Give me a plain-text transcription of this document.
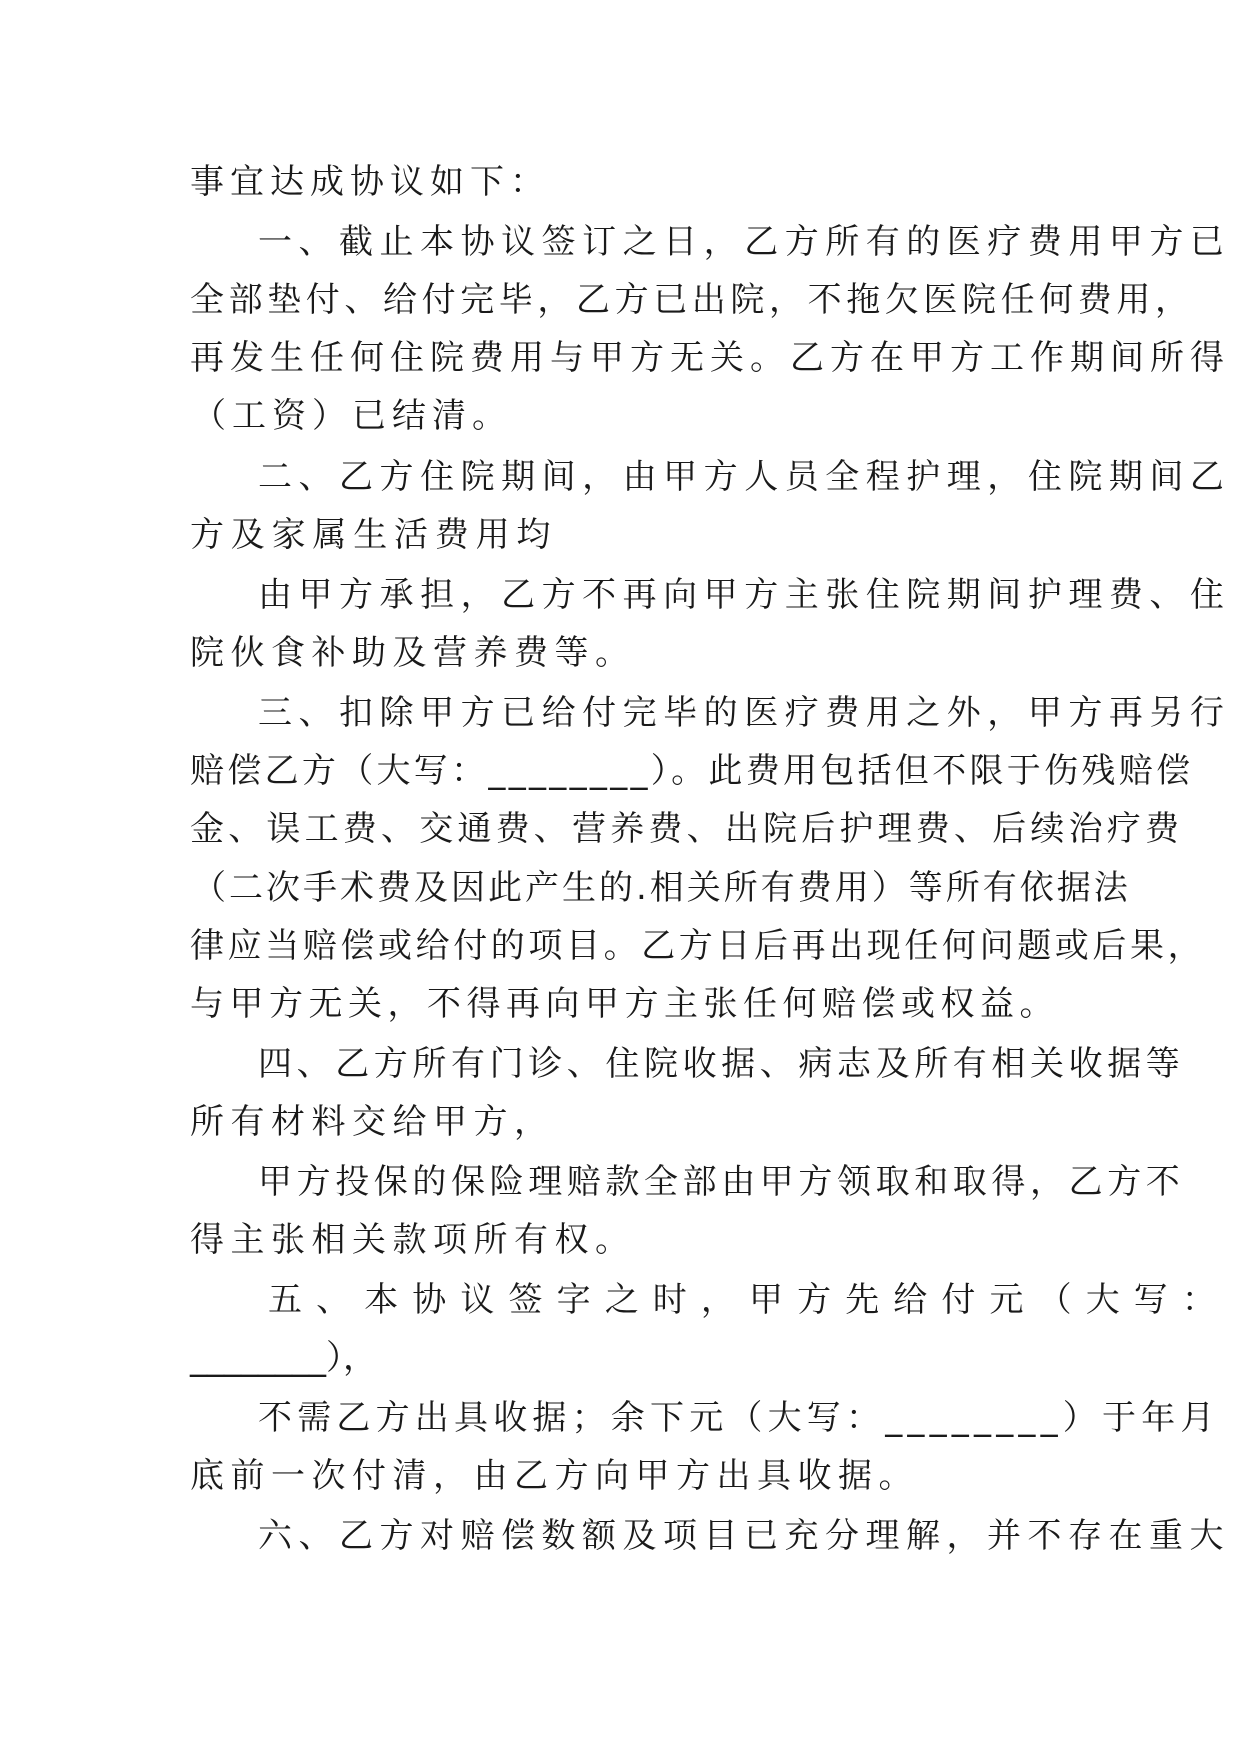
事宜达成协议如下：
一、截止本协议签订之日，乙方所有的医疗费用甲方已
全部垫付、给付完毕，乙方已出院，不拖欠医院任何费用，
再发生任何住院费用与甲方无关。乙方在甲方工作期间所得
（工资）已结清。
二、乙方住院期间，由甲方人员全程护理，住院期间乙
方及家属生活费用均
由甲方承担，乙方不再向甲方主张住院期间护理费、住
院伙食补助及营养费等。
三、扣除甲方已给付完毕的医疗费用之外，甲方再另行
赔偿乙方（大写：________）。此费用包括但不限于伤残赔偿
金、误工费、交通费、营养费、出院后护理费、后续治疗费
（二次手术费及因此产生的.相关所有费用）等所有依据法
律应当赔偿或给付的项目。乙方日后再出现任何问题或后果，
与甲方无关，不得再向甲方主张任何赔偿或权益。
四、乙方所有门诊、住院收据、病志及所有相关收据等
所有材料交给甲方，
甲方投保的保险理赔款全部由甲方领取和取得，乙方不
得主张相关款项所有权。
五、本协议签字之时，甲方先给付元（大写：
________），
不需乙方出具收据；余下元（大写：________）于年月
底前一次付清，由乙方向甲方出具收据。
六、乙方对赔偿数额及项目已充分理解，并不存在重大
